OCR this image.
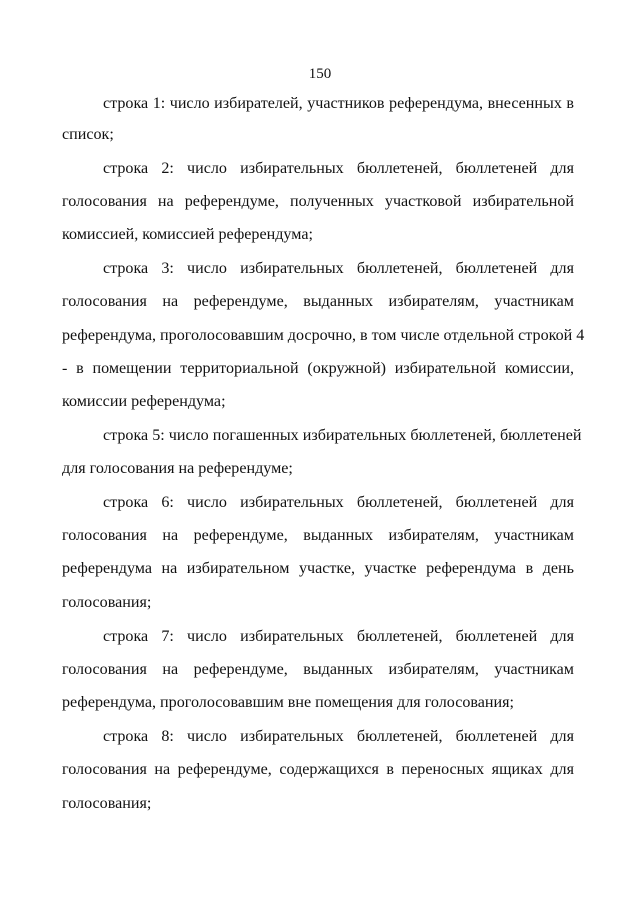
150
строка 1: число избирателей, участников референдума, внесенных в
список;
строка 2: число избирательных бюллетеней, бюллетеней для
голосования на референдуме, полученных участковой избирательной
комиссией, комиссией референдума;
строка 3: число избирательных бюллетеней, бюллетеней для
голосования на референдуме, выданных избирателям, участникам
референдума, проголосовавшим досрочно, в том числе отдельной строкой 4
- в помещении территориальной (окружной) избирательной комиссии,
комиссии референдума;
строка 5: число погашенных избирательных бюллетеней, бюллетеней
для голосования на референдуме;
строка 6: число избирательных бюллетеней, бюллетеней для
голосования на референдуме, выданных избирателям, участникам
референдума на избирательном участке, участке референдума в день
голосования;
строка 7: число избирательных бюллетеней, бюллетеней для
голосования на референдуме, выданных избирателям, участникам
референдума, проголосовавшим вне помещения для голосования;
строка 8: число избирательных бюллетеней, бюллетеней для
голосования на референдуме, содержащихся в переносных ящиках для
голосования;
